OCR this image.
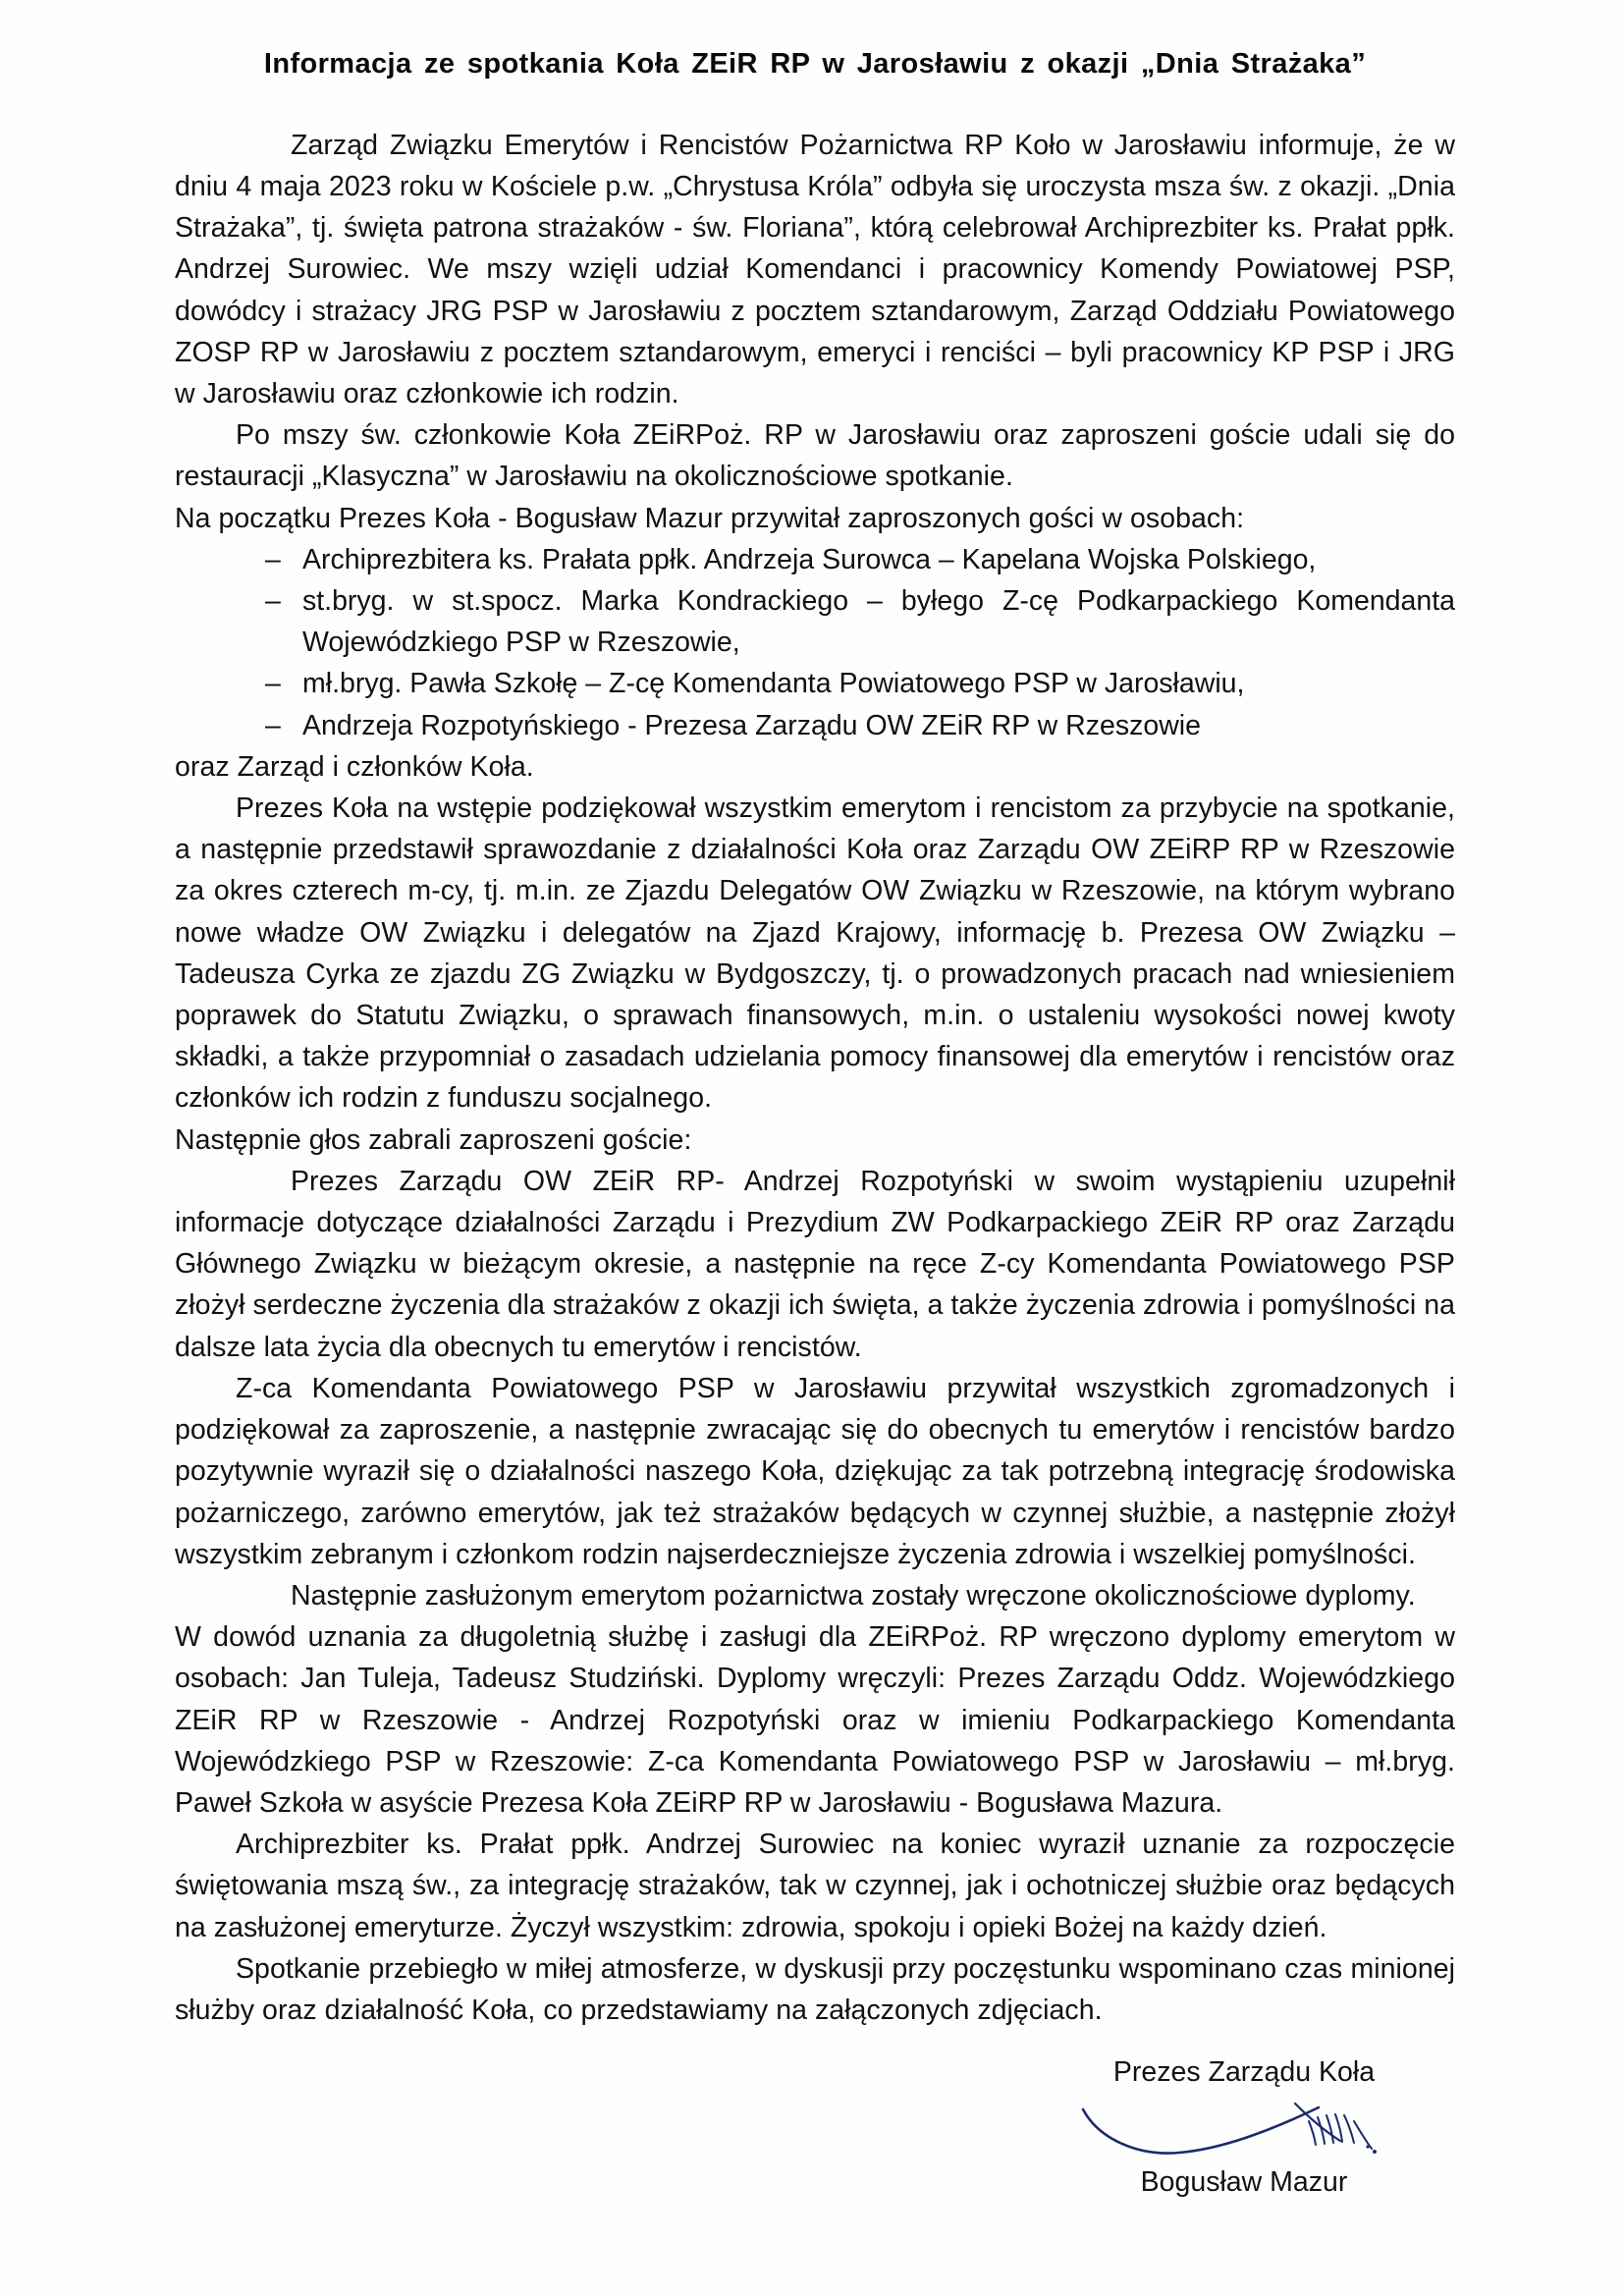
Informacja ze spotkania Koła ZEiR RP w Jarosławiu z okazji „Dnia Strażaka”

Zarząd Związku Emerytów i Rencistów Pożarnictwa RP Koło w Jarosławiu informuje, że w dniu 4 maja 2023 roku w Kościele p.w. „Chrystusa Króla” odbyła się uroczysta msza św. z okazji. „Dnia Strażaka”, tj. święta patrona strażaków - św. Floriana”, którą celebrował Archiprezbiter ks. Prałat ppłk. Andrzej Surowiec. We mszy wzięli udział Komendanci i pracownicy Komendy Powiatowej PSP, dowódcy i strażacy JRG PSP w Jarosławiu z pocztem sztandarowym, Zarząd Oddziału Powiatowego ZOSP RP w Jarosławiu z pocztem sztandarowym, emeryci i renciści – byli pracownicy KP PSP i JRG w Jarosławiu oraz członkowie ich rodzin.

Po mszy św. członkowie Koła ZEiRPoż. RP w Jarosławiu oraz zaproszeni goście udali się do restauracji „Klasyczna” w Jarosławiu na okolicznościowe spotkanie.

Na początku Prezes Koła - Bogusław Mazur przywitał zaproszonych gości w osobach:

– Archiprezbitera ks. Prałata ppłk. Andrzeja Surowca – Kapelana Wojska Polskiego,
– st.bryg. w st.spocz. Marka Kondrackiego – byłego Z-cę Podkarpackiego Komendanta Wojewódzkiego PSP w Rzeszowie,
– mł.bryg. Pawła Szkołę – Z-cę Komendanta Powiatowego PSP w Jarosławiu,
– Andrzeja Rozpotyńskiego - Prezesa Zarządu OW ZEiR RP w Rzeszowie

oraz Zarząd i członków Koła.

Prezes Koła na wstępie podziękował wszystkim emerytom i rencistom za przybycie na spotkanie, a następnie przedstawił sprawozdanie z działalności Koła oraz Zarządu OW ZEiRP RP w Rzeszowie za okres czterech m-cy, tj. m.in. ze Zjazdu Delegatów OW Związku w Rzeszowie, na którym wybrano nowe władze OW Związku i delegatów na Zjazd Krajowy, informację b. Prezesa OW Związku – Tadeusza Cyrka ze zjazdu ZG Związku w Bydgoszczy, tj. o prowadzonych pracach nad wniesieniem poprawek do Statutu Związku, o sprawach finansowych, m.in. o ustaleniu wysokości nowej kwoty składki, a także przypomniał o zasadach udzielania pomocy finansowej dla emerytów i rencistów oraz członków ich rodzin z funduszu socjalnego.

Następnie głos zabrali zaproszeni goście:

Prezes Zarządu OW ZEiR RP- Andrzej Rozpotyński w swoim wystąpieniu uzupełnił informacje dotyczące działalności Zarządu i Prezydium ZW Podkarpackiego ZEiR RP oraz Zarządu Głównego Związku w bieżącym okresie, a następnie na ręce Z-cy Komendanta Powiatowego PSP złożył serdeczne życzenia dla strażaków z okazji ich święta, a także życzenia zdrowia i pomyślności na dalsze lata życia dla obecnych tu emerytów i rencistów.

Z-ca Komendanta Powiatowego PSP w Jarosławiu przywitał wszystkich zgromadzonych i podziękował za zaproszenie, a następnie zwracając się do obecnych tu emerytów i rencistów bardzo pozytywnie wyraził się o działalności naszego Koła, dziękując za tak potrzebną integrację środowiska pożarniczego, zarówno emerytów, jak też strażaków będących w czynnej służbie, a następnie złożył wszystkim zebranym i członkom rodzin najserdeczniejsze życzenia zdrowia i wszelkiej pomyślności.

Następnie zasłużonym emerytom pożarnictwa zostały wręczone okolicznościowe dyplomy.

W dowód uznania za długoletnią służbę i zasługi dla ZEiRPoż. RP wręczono dyplomy emerytom w osobach: Jan Tuleja, Tadeusz Studziński. Dyplomy wręczyli: Prezes Zarządu Oddz. Wojewódzkiego ZEiR RP w Rzeszowie - Andrzej Rozpotyński oraz w imieniu Podkarpackiego Komendanta Wojewódzkiego PSP w Rzeszowie: Z-ca Komendanta Powiatowego PSP w Jarosławiu – mł.bryg. Paweł Szkoła w asyście Prezesa Koła ZEiRP RP w Jarosławiu - Bogusława Mazura.

Archiprezbiter ks. Prałat ppłk. Andrzej Surowiec na koniec wyraził uznanie za rozpoczęcie świętowania mszą św., za integrację strażaków, tak w czynnej, jak i ochotniczej służbie oraz będących na zasłużonej emeryturze. Życzył wszystkim: zdrowia, spokoju i opieki Bożej na każdy dzień.

Spotkanie przebiegło w miłej atmosferze, w dyskusji przy poczęstunku wspominano czas minionej służby oraz działalność Koła, co przedstawiamy na załączonych zdjęciach.

Prezes Zarządu Koła
Bogusław Mazur
